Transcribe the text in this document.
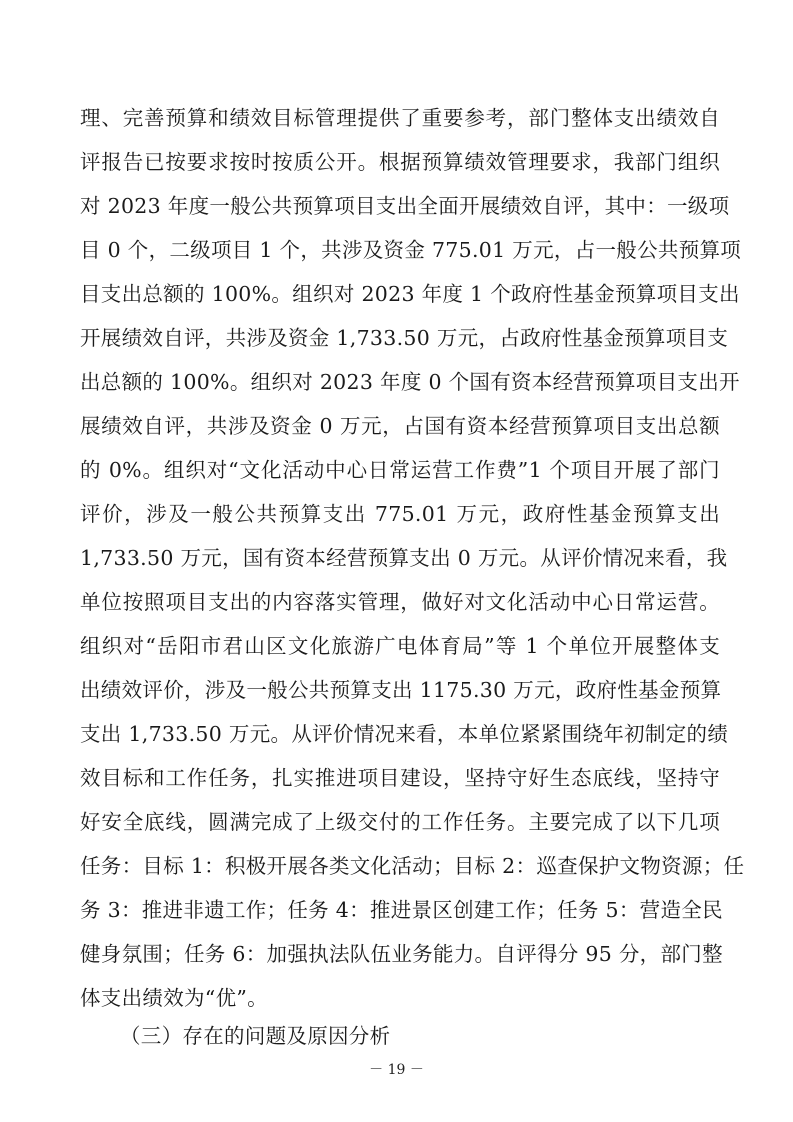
理、完善预算和绩效目标管理提供了重要参考，部门整体支出绩效自
评报告已按要求按时按质公开。根据预算绩效管理要求，我部门组织
对 2023 年度一般公共预算项目支出全面开展绩效自评，其中：一级项
目 0 个，二级项目 1 个，共涉及资金 775.01 万元，占一般公共预算项
目支出总额的 100%。组织对 2023 年度 1 个政府性基金预算项目支出
开展绩效自评，共涉及资金 1,733.50 万元，占政府性基金预算项目支
出总额的 100%。组织对 2023 年度 0 个国有资本经营预算项目支出开
展绩效自评，共涉及资金 0 万元，占国有资本经营预算项目支出总额
的 0%。组织对“文化活动中心日常运营工作费”1 个项目开展了部门
评价，涉及一般公共预算支出 775.01 万元，政府性基金预算支出
1,733.50 万元，国有资本经营预算支出 0 万元。从评价情况来看，我
单位按照项目支出的内容落实管理，做好对文化活动中心日常运营。
组织对“岳阳市君山区文化旅游广电体育局”等 1 个单位开展整体支
出绩效评价，涉及一般公共预算支出 1175.30 万元，政府性基金预算
支出 1,733.50 万元。从评价情况来看，本单位紧紧围绕年初制定的绩
效目标和工作任务，扎实推进项目建设，坚持守好生态底线，坚持守
好安全底线，圆满完成了上级交付的工作任务。主要完成了以下几项
任务：目标 1：积极开展各类文化活动；目标 2：巡查保护文物资源；任
务 3：推进非遗工作；任务 4：推进景区创建工作；任务 5：营造全民
健身氛围；任务 6：加强执法队伍业务能力。自评得分 95 分，部门整
体支出绩效为“优”。
（三）存在的问题及原因分析
－ 19 －
